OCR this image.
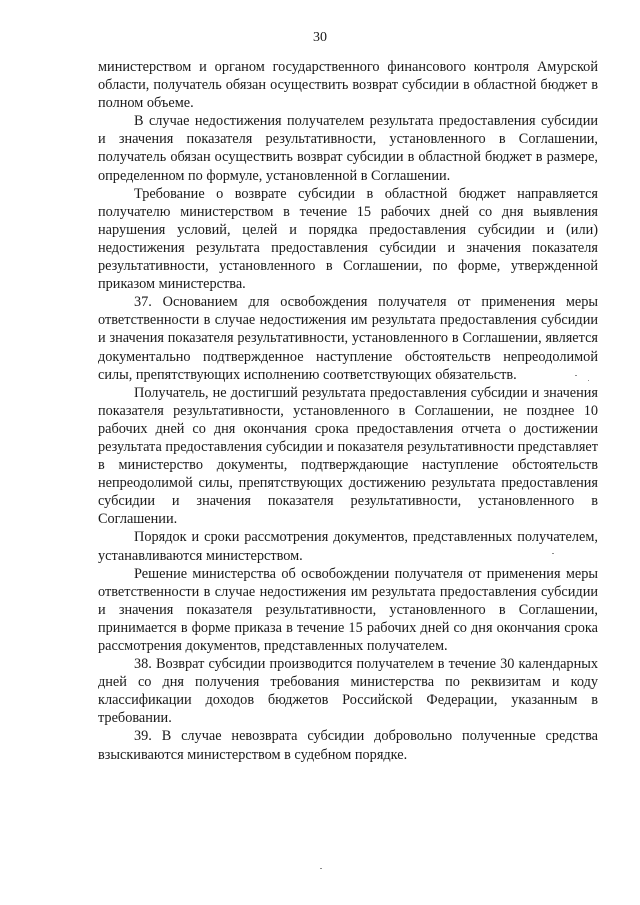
30

министерством и органом государственного финансового контроля Амурской области, получатель обязан осуществить возврат субсидии в областной бюджет в полном объеме.

В случае недостижения получателем результата предоставления субсидии и значения показателя результативности, установленного в Соглашении, получатель обязан осуществить возврат субсидии в областной бюджет в размере, определенном по формуле, установленной в Соглашении.

Требование о возврате субсидии в областной бюджет направляется получателю министерством в течение 15 рабочих дней со дня выявления нарушения условий, целей и порядка предоставления субсидии и (или) недостижения результата предоставления субсидии и значения показателя результативности, установленного в Соглашении, по форме, утвержденной приказом министерства.

37. Основанием для освобождения получателя от применения меры ответственности в случае недостижения им результата предоставления субсидии и значения показателя результативности, установленного в Соглашении, является документально подтвержденное наступление обстоятельств непреодолимой силы, препятствующих исполнению соответствующих обязательств.

Получатель, не достигший результата предоставления субсидии и значения показателя результативности, установленного в Соглашении, не позднее 10 рабочих дней со дня окончания срока предоставления отчета о достижении результата предоставления субсидии и показателя результативности представляет в министерство документы, подтверждающие наступление обстоятельств непреодолимой силы, препятствующих достижению результата предоставления субсидии и значения показателя результативности, установленного в Соглашении.

Порядок и сроки рассмотрения документов, представленных получателем, устанавливаются министерством.

Решение министерства об освобождении получателя от применения меры ответственности в случае недостижения им результата предоставления субсидии и значения показателя результативности, установленного в Соглашении, принимается в форме приказа в течение 15 рабочих дней со дня окончания срока рассмотрения документов, представленных получателем.

38. Возврат субсидии производится получателем в течение 30 календарных дней со дня получения требования министерства по реквизитам и коду классификации доходов бюджетов Российской Федерации, указанным в требовании.

39. В случае невозврата субсидии добровольно полученные средства взыскиваются министерством в судебном порядке.
